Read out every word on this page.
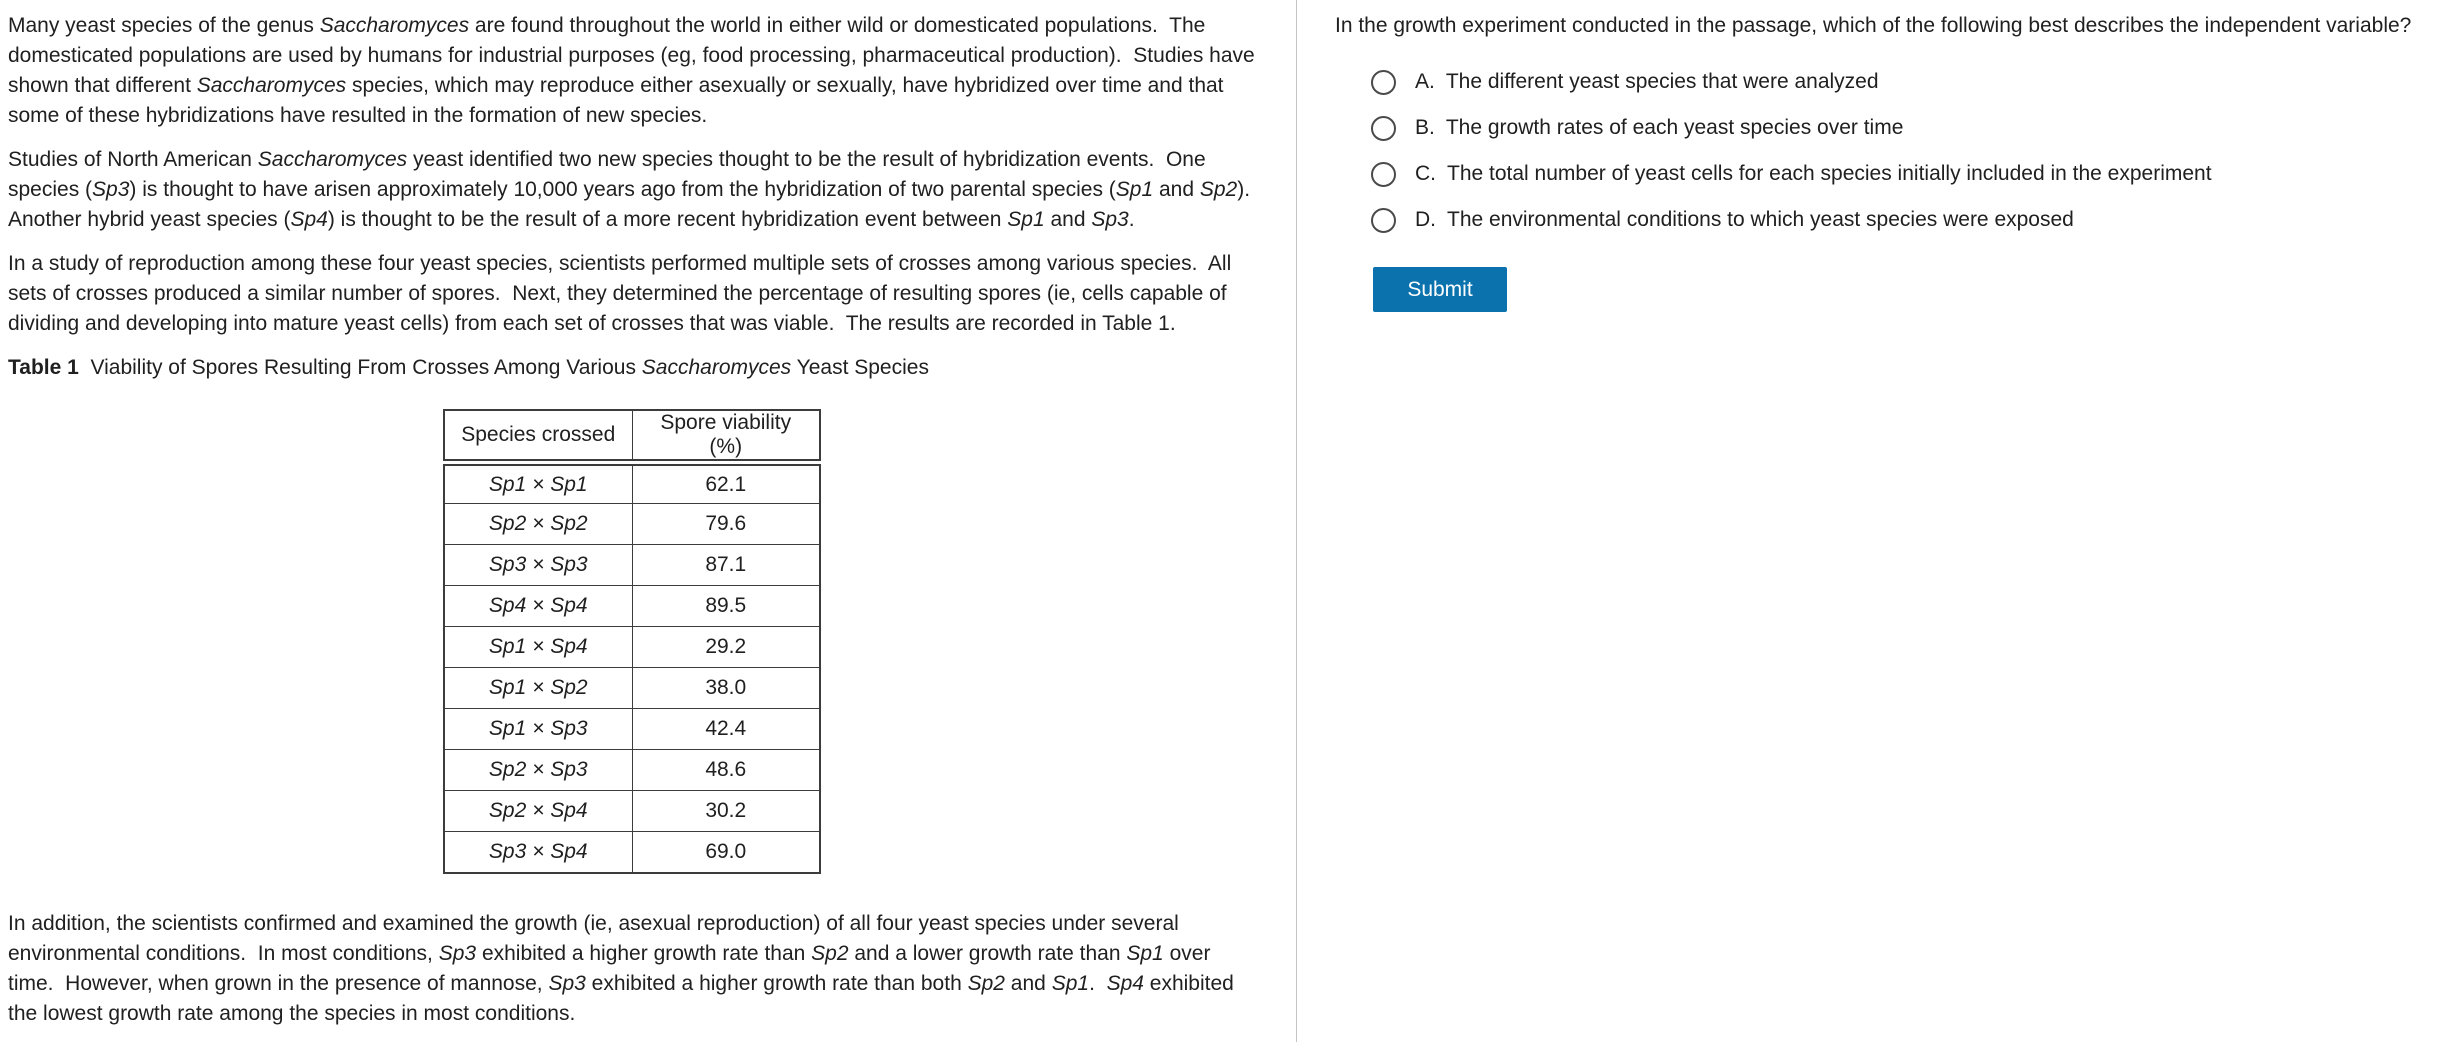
Many yeast species of the genus Saccharomyces are found throughout the world in either wild or domesticated populations.  The domesticated populations are used by humans for industrial purposes (eg, food processing, pharmaceutical production).  Studies have shown that different Saccharomyces species, which may reproduce either asexually or sexually, have hybridized over time and that some of these hybridizations have resulted in the formation of new species.

Studies of North American Saccharomyces yeast identified two new species thought to be the result of hybridization events.  One species (Sp3) is thought to have arisen approximately 10,000 years ago from the hybridization of two parental species (Sp1 and Sp2).  Another hybrid yeast species (Sp4) is thought to be the result of a more recent hybridization event between Sp1 and Sp3.

In a study of reproduction among these four yeast species, scientists performed multiple sets of crosses among various species.  All sets of crosses produced a similar number of spores.  Next, they determined the percentage of resulting spores (ie, cells capable of dividing and developing into mature yeast cells) from each set of crosses that was viable.  The results are recorded in Table 1.

Table 1  Viability of Spores Resulting From Crosses Among Various Saccharomyces Yeast Species

Species crossed	Spore viability (%)
Sp1 × Sp1	62.1
Sp2 × Sp2	79.6
Sp3 × Sp3	87.1
Sp4 × Sp4	89.5
Sp1 × Sp4	29.2
Sp1 × Sp2	38.0
Sp1 × Sp3	42.4
Sp2 × Sp3	48.6
Sp2 × Sp4	30.2
Sp3 × Sp4	69.0

In addition, the scientists confirmed and examined the growth (ie, asexual reproduction) of all four yeast species under several environmental conditions.  In most conditions, Sp3 exhibited a higher growth rate than Sp2 and a lower growth rate than Sp1 over time.  However, when grown in the presence of mannose, Sp3 exhibited a higher growth rate than both Sp2 and Sp1.  Sp4 exhibited the lowest growth rate among the species in most conditions.

In the growth experiment conducted in the passage, which of the following best describes the independent variable?
A. The different yeast species that were analyzed
B. The growth rates of each yeast species over time
C. The total number of yeast cells for each species initially included in the experiment
D. The environmental conditions to which yeast species were exposed
Submit
